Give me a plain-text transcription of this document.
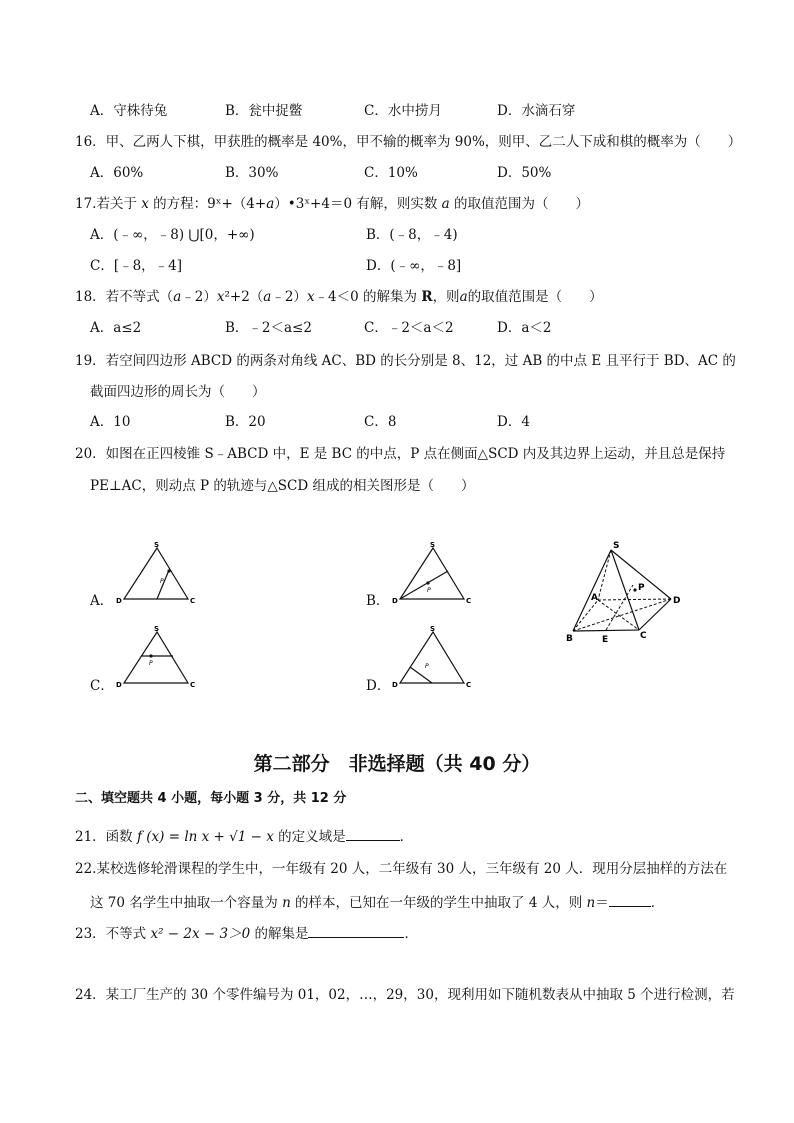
A．守株待兔	B．瓮中捉鳖	C．水中捞月	D．水滴石穿
16．甲、乙两人下棋，甲获胜的概率是 40%，甲不输的概率为 90%，则甲、乙二人下成和棋的概率为（　　）
A．60%	B．30%	C．10%	D．50%
17.若关于 x 的方程：9ˣ+（4+a）•3ˣ+4＝0 有解，则实数 a 的取值范围为（　　）
A．(﹣∞，﹣8) ⋃[0，+∞)	B．(﹣8，﹣4)
C．[﹣8，﹣4]	D．(﹣∞，﹣8]
18．若不等式（a﹣2）x²+2（a﹣2）x﹣4＜0 的解集为 R，则a的取值范围是（　　）
A．a≤2	B．﹣2＜a≤2	C．﹣2＜a＜2	D．a＜2
19．若空间四边形 ABCD 的两条对角线 AC、BD 的长分别是 8、12，过 AB 的中点 E 且平行于 BD、AC 的
截面四边形的周长为（　　）
A．10	B．20	C．8	D．4
20．如图在正四棱锥 S﹣ABCD 中，E 是 BC 的中点，P 点在侧面△SCD 内及其边界上运动，并且总是保持
PE⊥AC，则动点 P 的轨迹与△SCD 组成的相关图形是（　　）
A．
S
D	C
P
B．
S
D	C
P
S
A
B	C
D
E
P
C．
S
D	C
P
D．
S
D	C
P
第二部分　非选择题（共 40 分）
二、填空题共 4 小题，每小题 3 分，共 12 分
21．函数 f (x) = ln x + √1 − x 的定义域是	．
22.某校选修轮滑课程的学生中，一年级有 20 人，二年级有 30 人，三年级有 20 人．现用分层抽样的方法在
这 70 名学生中抽取一个容量为 n 的样本，已知在一年级的学生中抽取了 4 人，则 n＝	．
23．不等式 x² − 2x − 3＞0 的解集是	．
24．某工厂生产的 30 个零件编号为 01，02，…，29，30，现利用如下随机数表从中抽取 5 个进行检测，若
